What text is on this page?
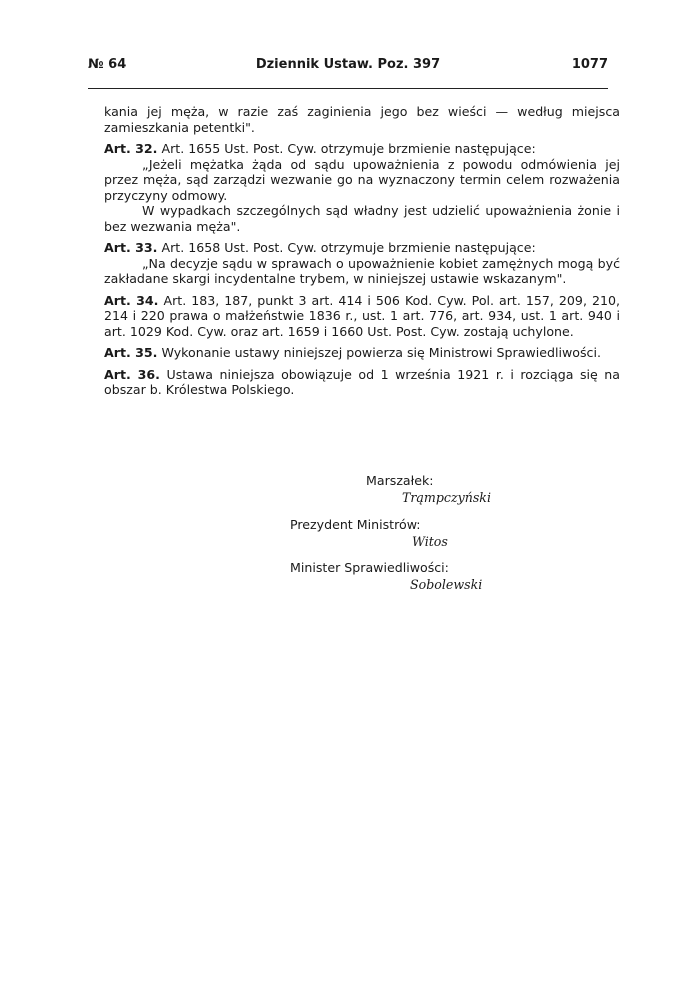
№ 64	Dziennik Ustaw. Poz. 397	1077

kania jej męża, w razie zaś zaginienia jego bez wieści — według miejsca zamieszkania petentki".

Art. 32. Art. 1655 Ust. Post. Cyw. otrzymuje brzmienie następujące:

„Jeżeli mężatka żąda od sądu upoważnienia z powodu odmówienia jej przez męża, sąd zarządzi wezwanie go na wyznaczony termin celem rozważenia przyczyny odmowy.

W wypadkach szczególnych sąd władny jest udzielić upoważnienia żonie i bez wezwania męża".

Art. 33. Art. 1658 Ust. Post. Cyw. otrzymuje brzmienie następujące:

„Na decyzje sądu w sprawach o upoważnienie kobiet zamężnych mogą być zakładane skargi incydentalne trybem, w niniejszej ustawie wskazanym".

Art. 34. Art. 183, 187, punkt 3 art. 414 i 506 Kod. Cyw. Pol. art. 157, 209, 210, 214 i 220 prawa o małżeństwie 1836 r., ust. 1 art. 776, art. 934, ust. 1 art. 940 i art. 1029 Kod. Cyw. oraz art. 1659 i 1660 Ust. Post. Cyw. zostają uchylone.

Art. 35. Wykonanie ustawy niniejszej powierza się Ministrowi Sprawiedliwości.

Art. 36. Ustawa niniejsza obowiązuje od 1 września 1921 r. i rozciąga się na obszar b. Królestwa Polskiego.

Marszałek:
Trąmpczyński
Prezydent Ministrów:
Witos
Minister Sprawiedliwości:
Sobolewski
